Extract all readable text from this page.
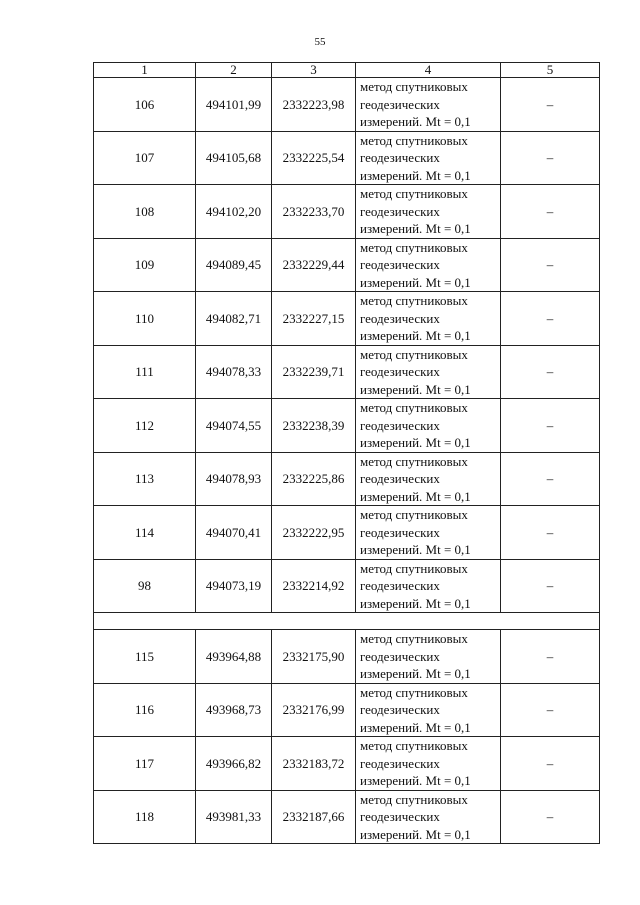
55
1	2	3	4	5
106	494101,99	2332223,98	метод спутниковых
геодезических
измерений. Mt = 0,1	–
107	494105,68	2332225,54	метод спутниковых
геодезических
измерений. Mt = 0,1	–
108	494102,20	2332233,70	метод спутниковых
геодезических
измерений. Mt = 0,1	–
109	494089,45	2332229,44	метод спутниковых
геодезических
измерений. Mt = 0,1	–
110	494082,71	2332227,15	метод спутниковых
геодезических
измерений. Mt = 0,1	–
111	494078,33	2332239,71	метод спутниковых
геодезических
измерений. Mt = 0,1	–
112	494074,55	2332238,39	метод спутниковых
геодезических
измерений. Mt = 0,1	–
113	494078,93	2332225,86	метод спутниковых
геодезических
измерений. Mt = 0,1	–
114	494070,41	2332222,95	метод спутниковых
геодезических
измерений. Mt = 0,1	–
98	494073,19	2332214,92	метод спутниковых
геодезических
измерений. Mt = 0,1	–

115	493964,88	2332175,90	метод спутниковых
геодезических
измерений. Mt = 0,1	–
116	493968,73	2332176,99	метод спутниковых
геодезических
измерений. Mt = 0,1	–
117	493966,82	2332183,72	метод спутниковых
геодезических
измерений. Mt = 0,1	–
118	493981,33	2332187,66	метод спутниковых
геодезических
измерений. Mt = 0,1	–
